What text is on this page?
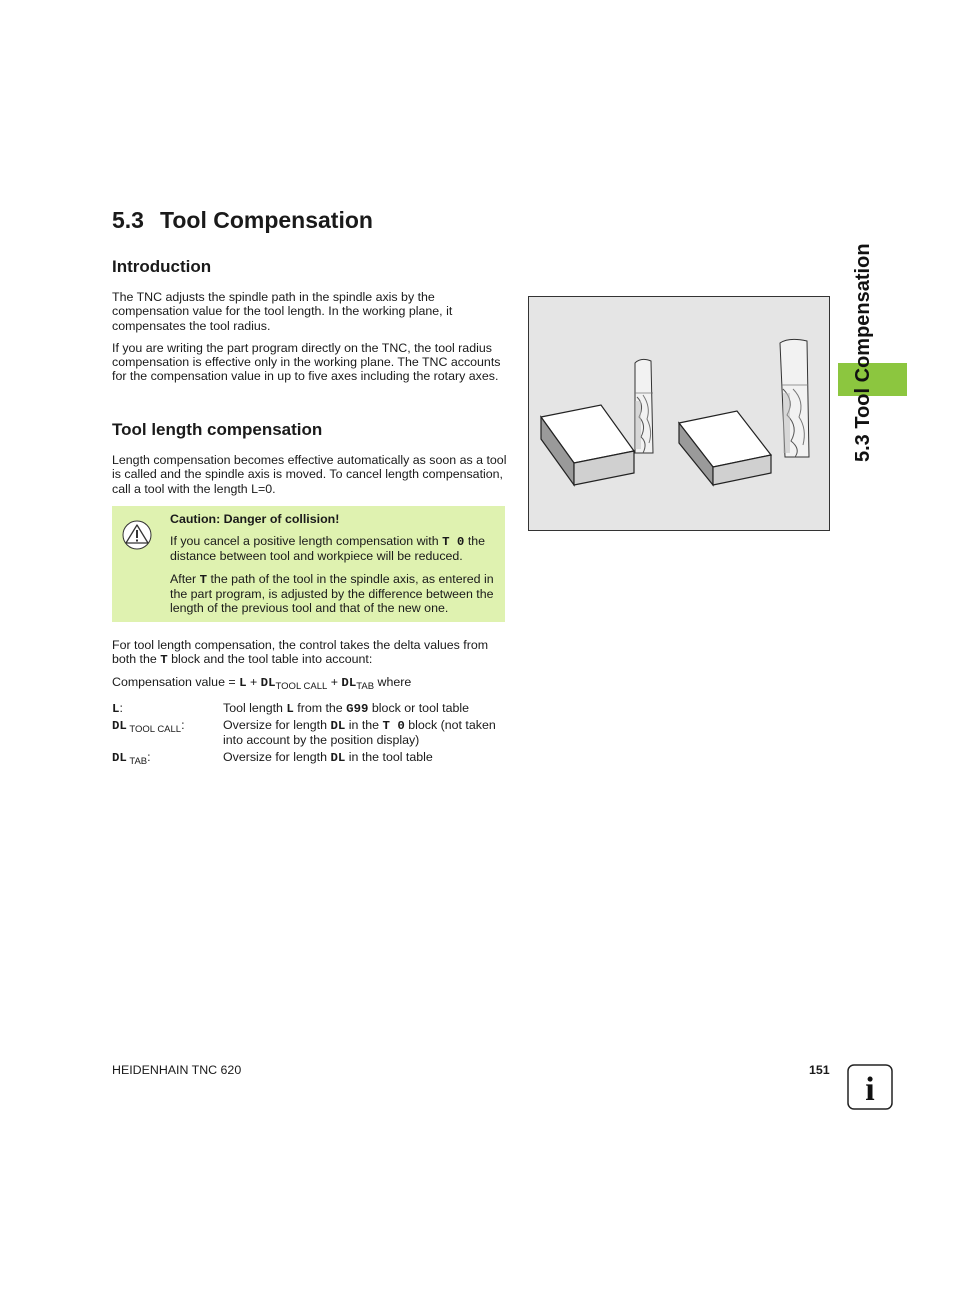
5.3 Tool Compensation
Introduction

The TNC adjusts the spindle path in the spindle axis by the compensation value for the tool length. In the working plane, it compensates the tool radius.

If you are writing the part program directly on the TNC, the tool radius compensation is effective only in the working plane. The TNC accounts for the compensation value in up to five axes including the rotary axes.

Tool length compensation
Length compensation becomes effective automatically as soon as a tool is called and the spindle axis is moved. To cancel length compensation, call a tool with the length L=0.
Caution: Danger of collision!

If you cancel a positive length compensation with T 0 the distance between tool and workpiece will be reduced.

After T the path of the tool in the spindle axis, as entered in the part program, is adjusted by the difference between the length of the previous tool and that of the new one.

For tool length compensation, the control takes the delta values from both the T block and the tool table into account:
Compensation value = $L + DL_{TOOL CALL} + DL_{TAB}$ where
L:	Tool length L from the G99 block or tool table
DL $_{TOOL CALL}$:	Oversize for length DL in the T 0 block (not taken into account by the position display)
DL $_{TAB}$:	Oversize for length DL in the tool table
5.3 Tool Compensation
HEIDENHAIN TNC 620	151
i
